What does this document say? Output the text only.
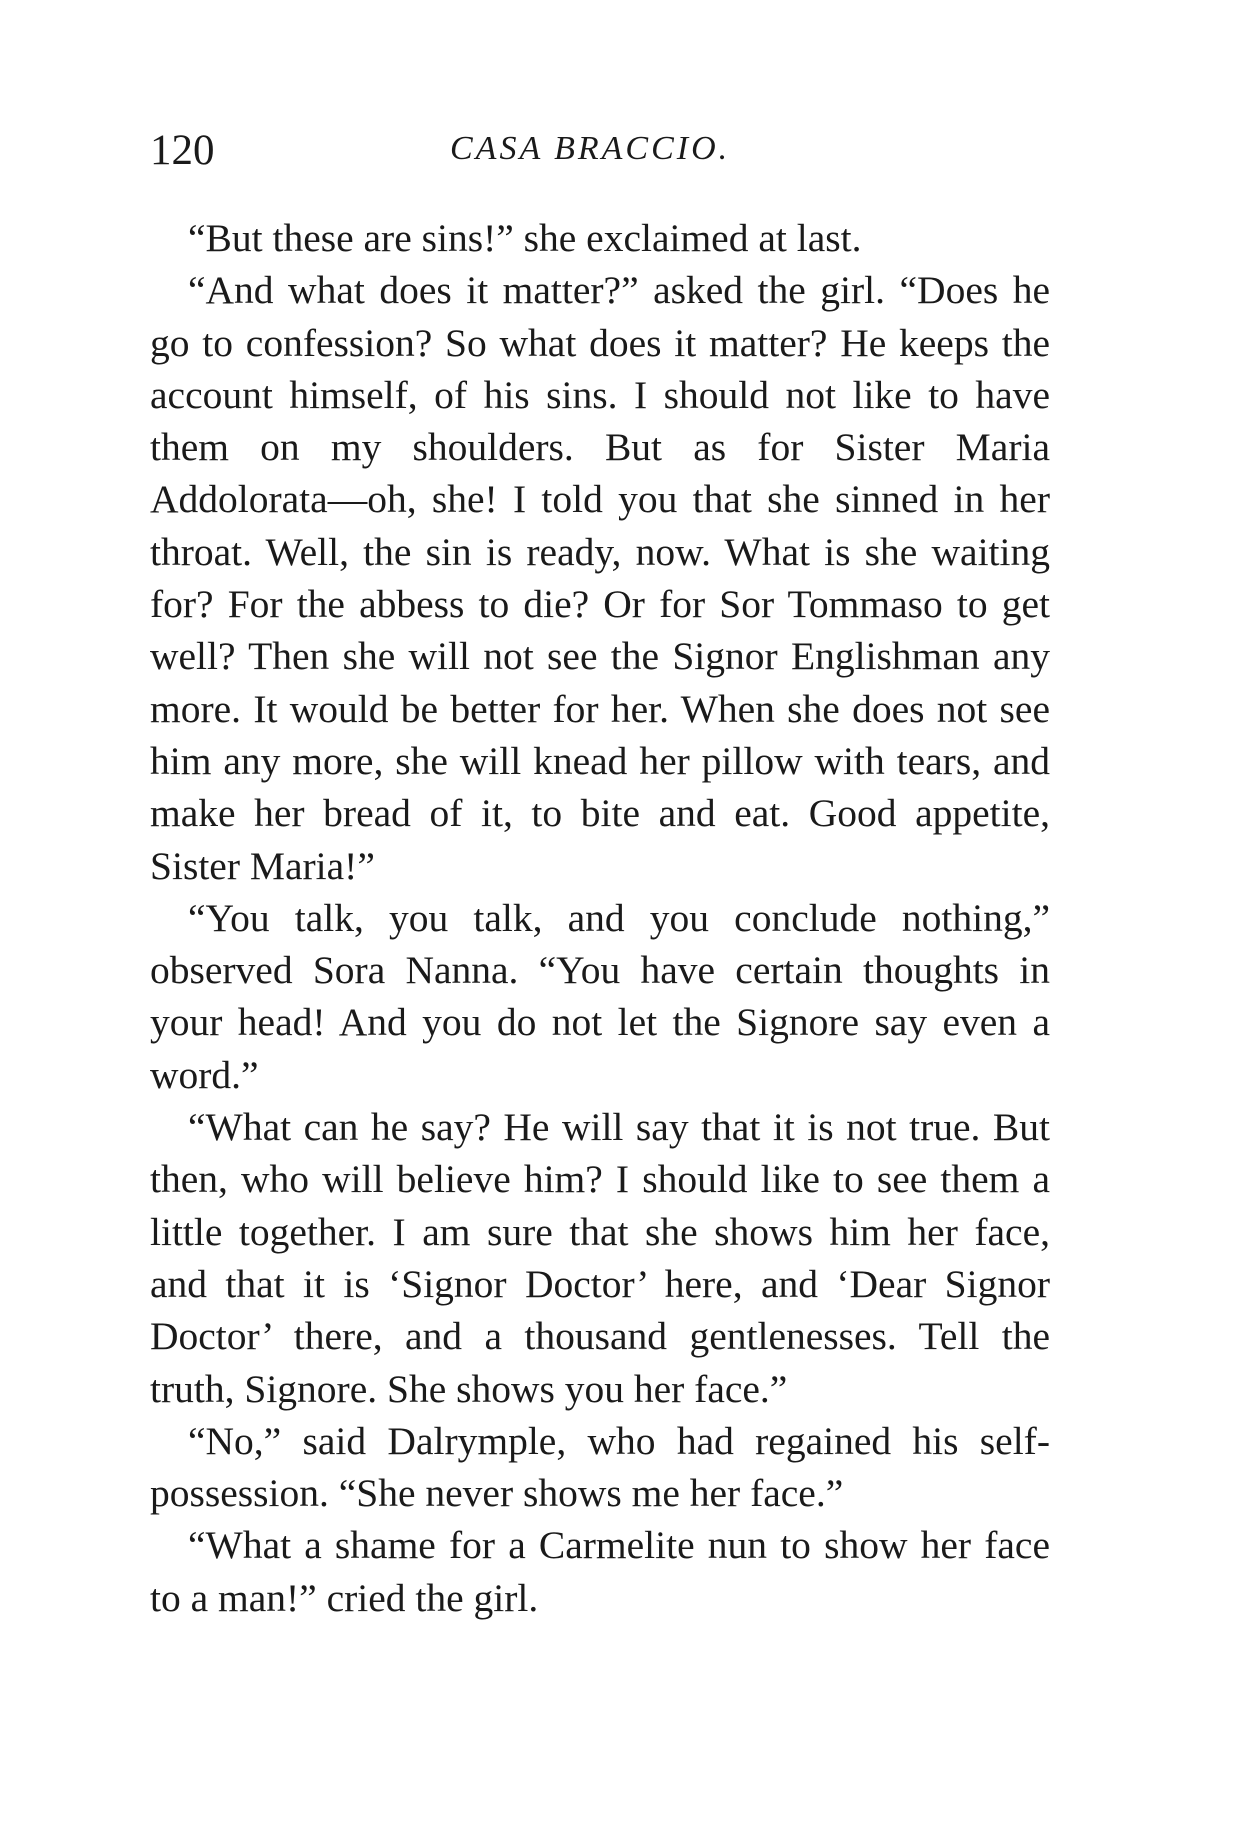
120	CASA BRACCIO.

“But these are sins!” she exclaimed at last.

“And what does it matter?” asked the girl. “Does he go to confession? So what does it matter? He keeps the account himself, of his sins. I should not like to have them on my shoulders. But as for Sister Maria Addolorata—oh, she! I told you that she sinned in her throat. Well, the sin is ready, now. What is she waiting for? For the abbess to die? Or for Sor Tommaso to get well? Then she will not see the Signor Englishman any more. It would be better for her. When she does not see him any more, she will knead her pillow with tears, and make her bread of it, to bite and eat. Good appetite, Sister Maria!”

“You talk, you talk, and you conclude nothing,” observed Sora Nanna. “You have certain thoughts in your head! And you do not let the Signore say even a word.”

“What can he say? He will say that it is not true. But then, who will believe him? I should like to see them a little together. I am sure that she shows him her face, and that it is ‘Signor Doctor’ here, and ‘Dear Signor Doctor’ there, and a thousand gentlenesses. Tell the truth, Signore. She shows you her face.”

“No,” said Dalrymple, who had regained his self-possession. “She never shows me her face.”

“What a shame for a Carmelite nun to show her face to a man!” cried the girl.
